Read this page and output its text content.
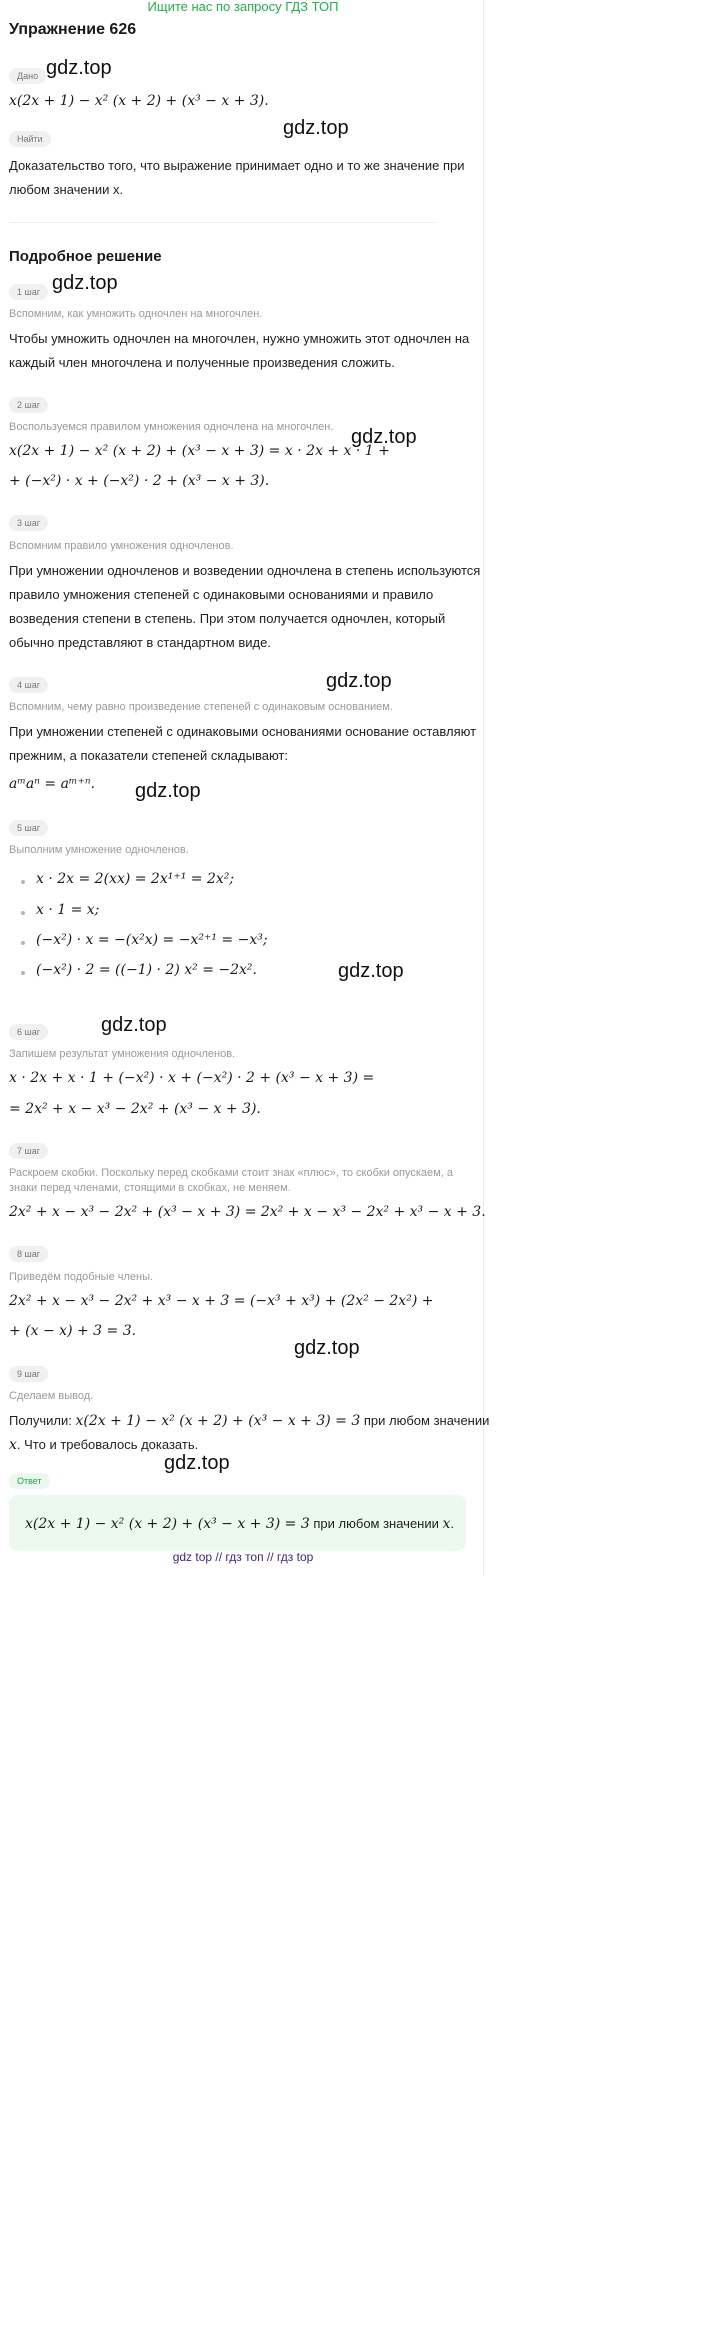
Ищите нас по запросу ГДЗ ТОП
Упражнение 626
Дано gdz.top
x(2x + 1) − x² (x + 2) + (x³ − x + 3).
Найти	gdz.top
Доказательство того, что выражение принимает одно и то же значение при
любом значении x.
Подробное решение
1 шаг gdz.top
Вспомним, как умножить одночлен на многочлен.
Чтобы умножить одночлен на многочлен, нужно умножить этот одночлен на
каждый член многочлена и полученные произведения сложить.
2 шаг
Воспользуемся правилом умножения одночлена на многочлен. gdz.top
x(2x + 1) − x² (x + 2) + (x³ − x + 3) = x · 2x + x · 1 +
+ (−x²) · x + (−x²) · 2 + (x³ − x + 3).
3 шаг
Вспомним правило умножения одночленов.
При умножении одночленов и возведении одночлена в степень используются
правило умножения степеней с одинаковыми основаниями и правило
возведения степени в степень. При этом получается одночлен, который
обычно представляют в стандартном виде.
gdz.top
4 шаг
Вспомним, чему равно произведение степеней с одинаковым основанием.
При умножении степеней с одинаковыми основаниями основание оставляют
прежним, а показатели степеней складывают:
aᵐaⁿ = aᵐ⁺ⁿ. gdz.top
5 шаг
Выполним умножение одночленов.
x · 2x = 2(xx) = 2x¹⁺¹ = 2x²;
x · 1 = x;
(−x²) · x = −(x²x) = −x²⁺¹ = −x³;
(−x²) · 2 = ((−1) · 2) x² = −2x².	gdz.top
gdz.top
6 шаг
Запишем результат умножения одночленов.
x · 2x + x · 1 + (−x²) · x + (−x²) · 2 + (x³ − x + 3) =
= 2x² + x − x³ − 2x² + (x³ − x + 3).
7 шаг
Раскроем скобки. Поскольку перед скобками стоит знак «плюс», то скобки опускаем, а
знаки перед членами, стоящими в скобках, не меняем.
2x² + x − x³ − 2x² + (x³ − x + 3) = 2x² + x − x³ − 2x² + x³ − x + 3.
8 шаг
Приведём подобные члены.
2x² + x − x³ − 2x² + x³ − x + 3 = (−x³ + x³) + (2x² − 2x²) +
+ (x − x) + 3 = 3.
gdz.top
9 шаг
Сделаем вывод.
Получили: x(2x + 1) − x² (x + 2) + (x³ − x + 3) = 3 при любом значении
x. Что и требовалось доказать.
gdz.top
Ответ
x(2x + 1) − x² (x + 2) + (x³ − x + 3) = 3 при любом значении x.
gdz top // гдз топ // гдз top
